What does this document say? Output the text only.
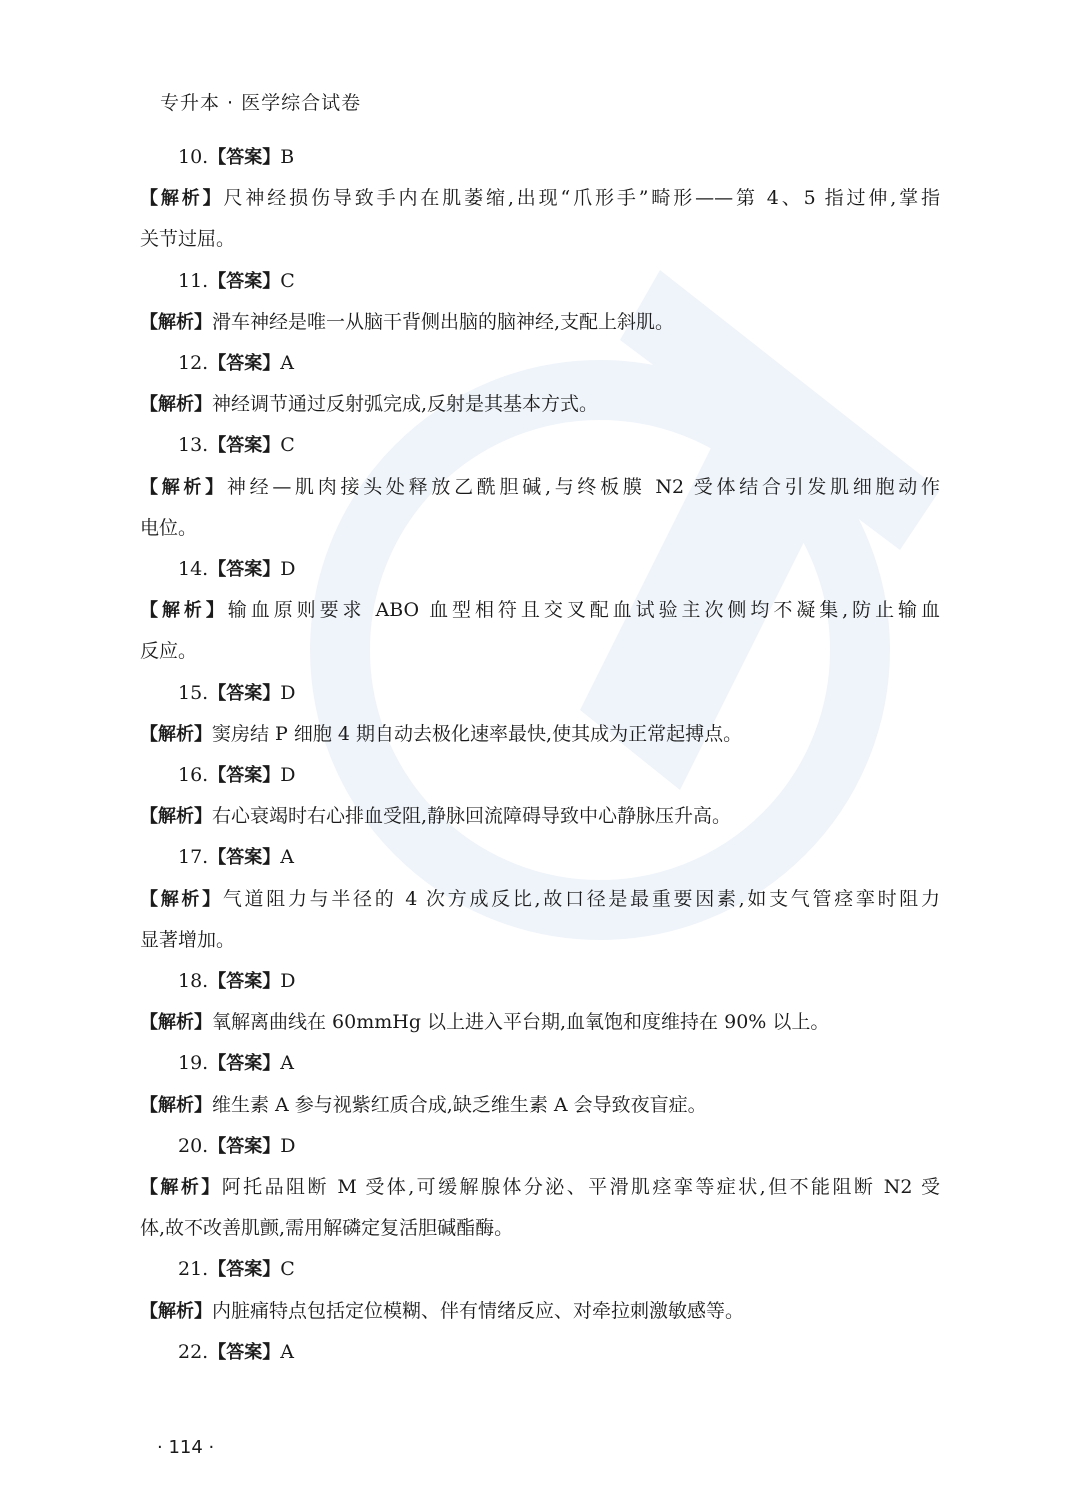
专升本 · 医学综合试卷
10.【答案】B
【解析】尺神经损伤导致手内在肌萎缩,出现“爪形手”畸形——第 4、5 指过伸,掌指
关节过屈。
11.【答案】C
【解析】滑车神经是唯一从脑干背侧出脑的脑神经,支配上斜肌。
12.【答案】A
【解析】神经调节通过反射弧完成,反射是其基本方式。
13.【答案】C
【解析】神经—肌肉接头处释放乙酰胆碱,与终板膜 N2 受体结合引发肌细胞动作
电位。
14.【答案】D
【解析】输血原则要求 ABO 血型相符且交叉配血试验主次侧均不凝集,防止输血
反应。
15.【答案】D
【解析】窦房结 P 细胞 4 期自动去极化速率最快,使其成为正常起搏点。
16.【答案】D
【解析】右心衰竭时右心排血受阻,静脉回流障碍导致中心静脉压升高。
17.【答案】A
【解析】气道阻力与半径的 4 次方成反比,故口径是最重要因素,如支气管痉挛时阻力
显著增加。
18.【答案】D
【解析】氧解离曲线在 60mmHg 以上进入平台期,血氧饱和度维持在 90% 以上。
19.【答案】A
【解析】维生素 A 参与视紫红质合成,缺乏维生素 A 会导致夜盲症。
20.【答案】D
【解析】阿托品阻断 M 受体,可缓解腺体分泌、平滑肌痉挛等症状,但不能阻断 N2 受
体,故不改善肌颤,需用解磷定复活胆碱酯酶。
21.【答案】C
【解析】内脏痛特点包括定位模糊、伴有情绪反应、对牵拉刺激敏感等。
22.【答案】A
· 114 ·
